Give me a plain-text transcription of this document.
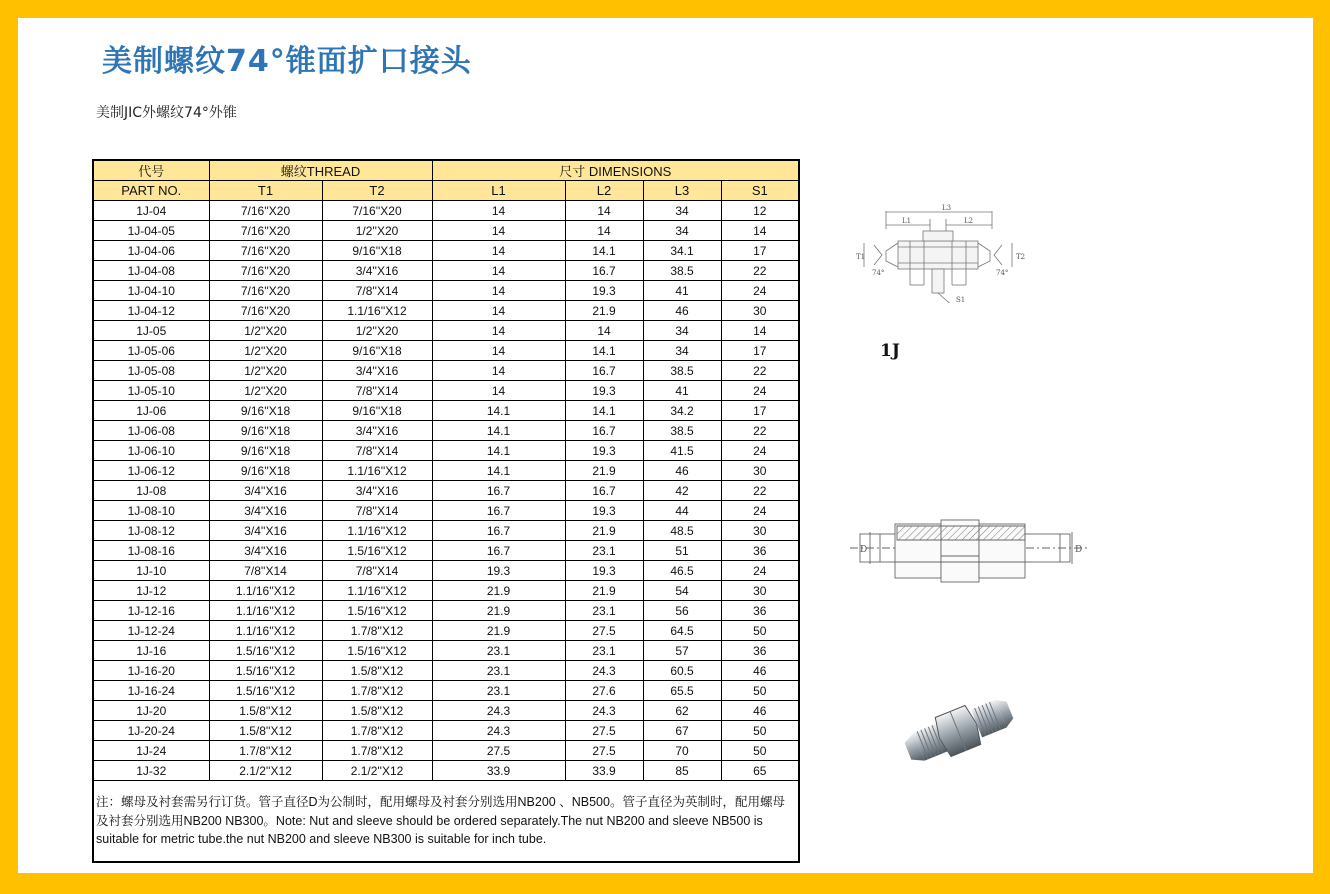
美制螺纹74°锥面扩口接头
美制JIC外螺纹74°外锥
代号	螺纹THREAD		尺寸 DIMENSIONS			
PART NO.	T1	T2	L1	L2	L3	S1
1J-04	7/16''X20	7/16''X20	14	14	34	12
1J-04-05	7/16''X20	1/2''X20	14	14	34	14
1J-04-06	7/16''X20	9/16''X18	14	14.1	34.1	17
1J-04-08	7/16''X20	3/4''X16	14	16.7	38.5	22
1J-04-10	7/16''X20	7/8''X14	14	19.3	41	24
1J-04-12	7/16''X20	1.1/16''X12	14	21.9	46	30
1J-05	1/2''X20	1/2''X20	14	14	34	14
1J-05-06	1/2''X20	9/16''X18	14	14.1	34	17
1J-05-08	1/2''X20	3/4''X16	14	16.7	38.5	22
1J-05-10	1/2''X20	7/8''X14	14	19.3	41	24
1J-06	9/16''X18	9/16''X18	14.1	14.1	34.2	17
1J-06-08	9/16''X18	3/4''X16	14.1	16.7	38.5	22
1J-06-10	9/16''X18	7/8''X14	14.1	19.3	41.5	24
1J-06-12	9/16''X18	1.1/16''X12	14.1	21.9	46	30
1J-08	3/4''X16	3/4''X16	16.7	16.7	42	22
1J-08-10	3/4''X16	7/8''X14	16.7	19.3	44	24
1J-08-12	3/4''X16	1.1/16''X12	16.7	21.9	48.5	30
1J-08-16	3/4''X16	1.5/16''X12	16.7	23.1	51	36
1J-10	7/8''X14	7/8''X14	19.3	19.3	46.5	24
1J-12	1.1/16''X12	1.1/16''X12	21.9	21.9	54	30
1J-12-16	1.1/16''X12	1.5/16''X12	21.9	23.1	56	36
1J-12-24	1.1/16''X12	1.7/8''X12	21.9	27.5	64.5	50
1J-16	1.5/16''X12	1.5/16''X12	23.1	23.1	57	36
1J-16-20	1.5/16''X12	1.5/8''X12	23.1	24.3	60.5	46
1J-16-24	1.5/16''X12	1.7/8''X12	23.1	27.6	65.5	50
1J-20	1.5/8''X12	1.5/8''X12	24.3	24.3	62	46
1J-20-24	1.5/8''X12	1.7/8''X12	24.3	27.5	67	50
1J-24	1.7/8''X12	1.7/8''X12	27.5	27.5	70	50
1J-32	2.1/2''X12	2.1/2''X12	33.9	33.9	85	65
注：螺母及衬套需另行订货。管子直径D为公制时，配用螺母及衬套分别选用NB200 、NB500。管子直径为英制时，配用螺母及衬套分别选用NB200 NB300。Note: Nut and sleeve should be ordered separately.The nut NB200 and sleeve NB500 is suitable for metric tube.the nut NB200 and sleeve NB300 is suitable for inch tube.						
L3
L1	L2
T1
74°	74°
T2
S1
1J
D	D
